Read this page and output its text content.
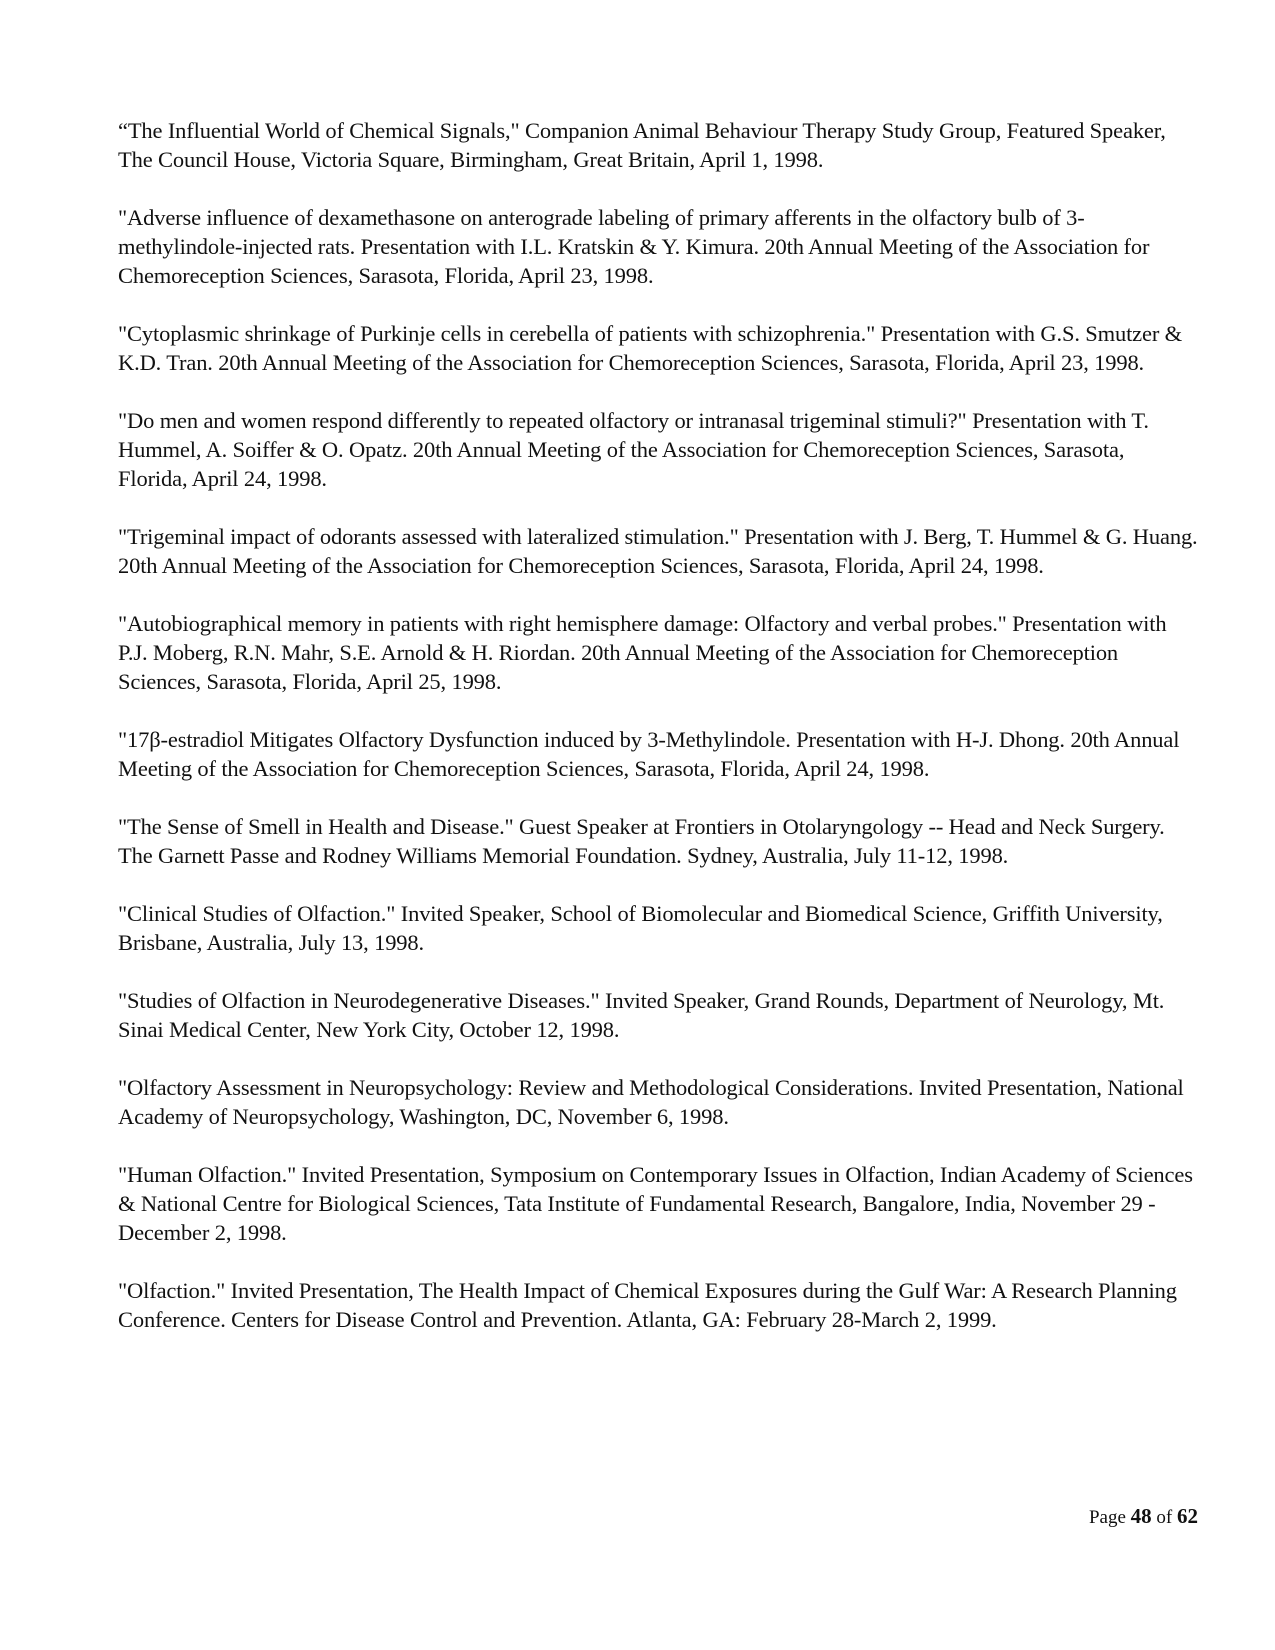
“The Influential World of Chemical Signals," Companion Animal Behaviour Therapy Study Group, Featured Speaker, The Council House, Victoria Square, Birmingham, Great Britain, April 1, 1998.

"Adverse influence of dexamethasone on anterograde labeling of primary afferents in the olfactory bulb of 3-methylindole-injected rats. Presentation with I.L. Kratskin & Y. Kimura. 20th Annual Meeting of the Association for Chemoreception Sciences, Sarasota, Florida, April 23, 1998.

"Cytoplasmic shrinkage of Purkinje cells in cerebella of patients with schizophrenia." Presentation with G.S. Smutzer & K.D. Tran. 20th Annual Meeting of the Association for Chemoreception Sciences, Sarasota, Florida, April 23, 1998.

"Do men and women respond differently to repeated olfactory or intranasal trigeminal stimuli?" Presentation with T. Hummel, A. Soiffer & O. Opatz. 20th Annual Meeting of the Association for Chemoreception Sciences, Sarasota, Florida, April 24, 1998.

"Trigeminal impact of odorants assessed with lateralized stimulation." Presentation with J. Berg, T. Hummel & G. Huang. 20th Annual Meeting of the Association for Chemoreception Sciences, Sarasota, Florida, April 24, 1998.

"Autobiographical memory in patients with right hemisphere damage: Olfactory and verbal probes." Presentation with P.J. Moberg, R.N. Mahr, S.E. Arnold & H. Riordan. 20th Annual Meeting of the Association for Chemoreception Sciences, Sarasota, Florida, April 25, 1998.

"17β-estradiol Mitigates Olfactory Dysfunction induced by 3-Methylindole. Presentation with H-J. Dhong. 20th Annual Meeting of the Association for Chemoreception Sciences, Sarasota, Florida, April 24, 1998.

"The Sense of Smell in Health and Disease." Guest Speaker at Frontiers in Otolaryngology -- Head and Neck Surgery. The Garnett Passe and Rodney Williams Memorial Foundation. Sydney, Australia, July 11-12, 1998.

"Clinical Studies of Olfaction." Invited Speaker, School of Biomolecular and Biomedical Science, Griffith University, Brisbane, Australia, July 13, 1998.

"Studies of Olfaction in Neurodegenerative Diseases." Invited Speaker, Grand Rounds, Department of Neurology, Mt. Sinai Medical Center, New York City, October 12, 1998.

"Olfactory Assessment in Neuropsychology: Review and Methodological Considerations. Invited Presentation, National Academy of Neuropsychology, Washington, DC, November 6, 1998.

"Human Olfaction." Invited Presentation, Symposium on Contemporary Issues in Olfaction, Indian Academy of Sciences & National Centre for Biological Sciences, Tata Institute of Fundamental Research, Bangalore, India, November 29 - December 2, 1998.

"Olfaction." Invited Presentation, The Health Impact of Chemical Exposures during the Gulf War: A Research Planning Conference. Centers for Disease Control and Prevention. Atlanta, GA: February 28-March 2, 1999.

Page 48 of 62
